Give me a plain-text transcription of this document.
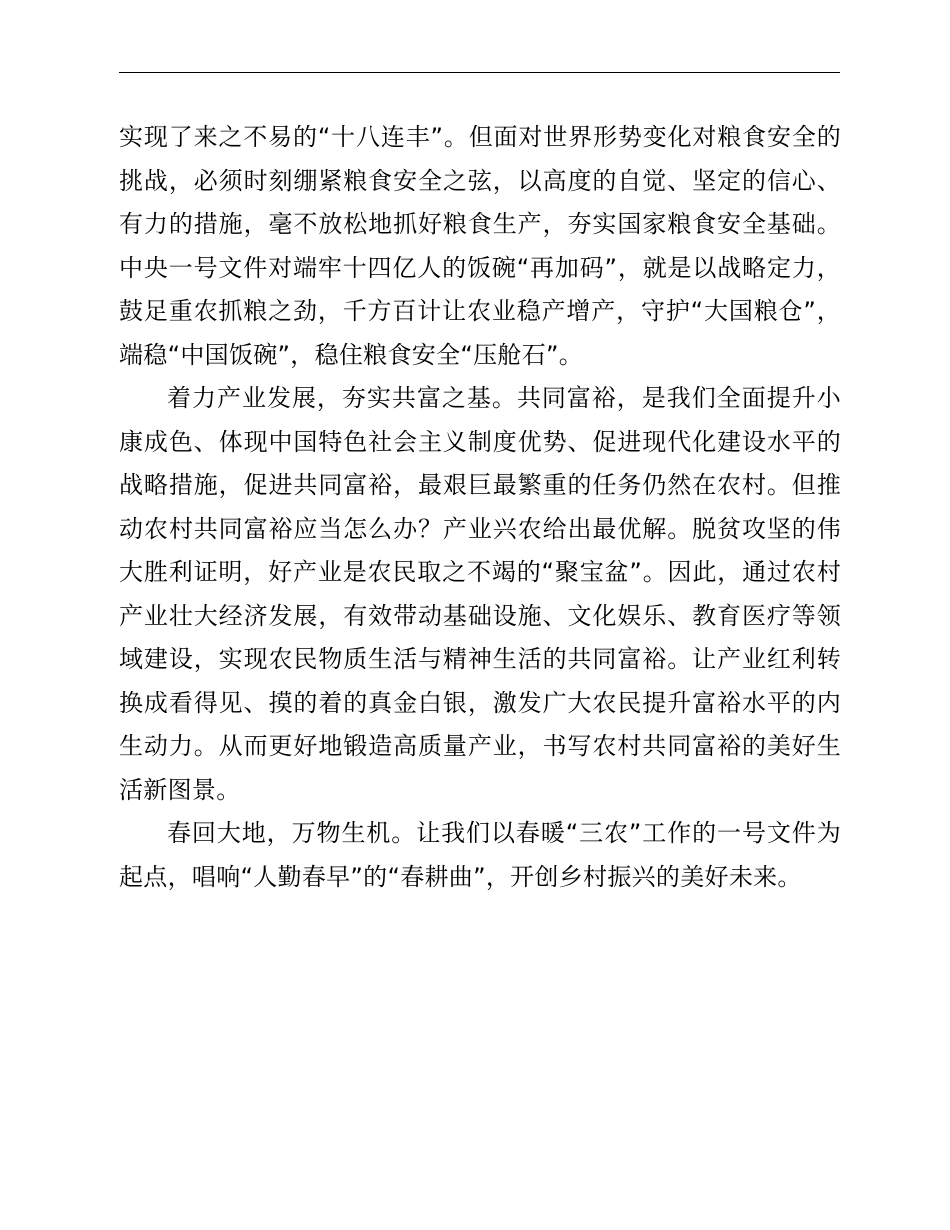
实现了来之不易的“十八连丰”。但面对世界形势变化对粮食安全的挑战，必须时刻绷紧粮食安全之弦，以高度的自觉、坚定的信心、有力的措施，毫不放松地抓好粮食生产，夯实国家粮食安全基础。中央一号文件对端牢十四亿人的饭碗“再加码”，就是以战略定力，鼓足重农抓粮之劲，千方百计让农业稳产增产，守护“大国粮仓”，端稳“中国饭碗”，稳住粮食安全“压舱石”。

着力产业发展，夯实共富之基。共同富裕，是我们全面提升小康成色、体现中国特色社会主义制度优势、促进现代化建设水平的战略措施，促进共同富裕，最艰巨最繁重的任务仍然在农村。但推动农村共同富裕应当怎么办？产业兴农给出最优解。脱贫攻坚的伟大胜利证明，好产业是农民取之不竭的“聚宝盆”。因此，通过农村产业壮大经济发展，有效带动基础设施、文化娱乐、教育医疗等领域建设，实现农民物质生活与精神生活的共同富裕。让产业红利转换成看得见、摸的着的真金白银，激发广大农民提升富裕水平的内生动力。从而更好地锻造高质量产业，书写农村共同富裕的美好生活新图景。

春回大地，万物生机。让我们以春暖“三农”工作的一号文件为起点，唱响“人勤春早”的“春耕曲”，开创乡村振兴的美好未来。
